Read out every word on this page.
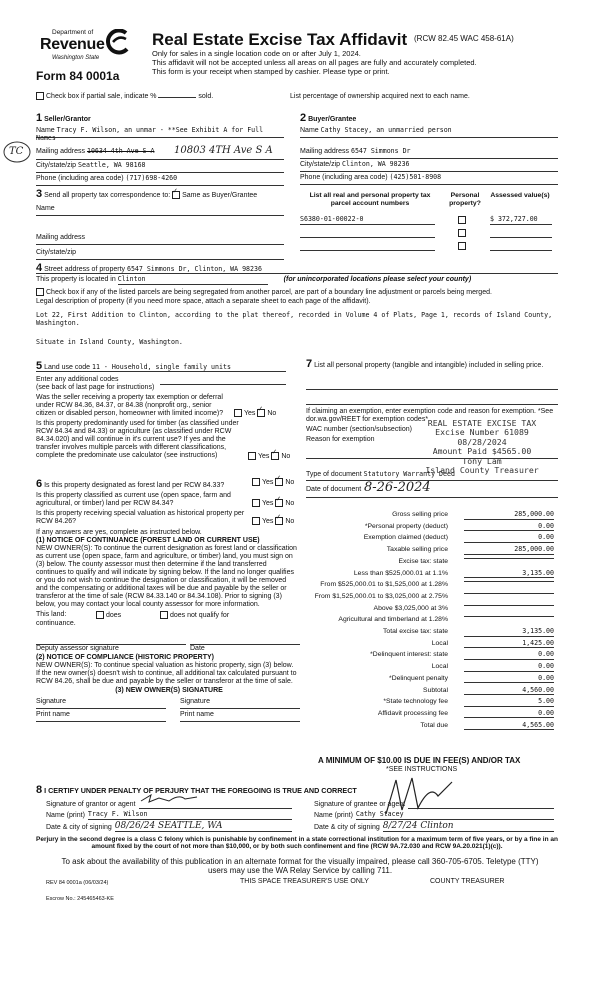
Department of
Revenue
Washington State
Form 84 0001a
Real Estate Excise Tax Affidavit (RCW 82.45 WAC 458-61A)
Only for sales in a single location code on or after July 1, 2024.
This affidavit will not be accepted unless all areas on all pages are fully and accurately completed.
This form is your receipt when stamped by cashier. Please type or print.
Check box if partial sale, indicate %	sold.	List percentage of ownership acquired next to each name.
1 Seller/Grantor
Name Tracy F. Wilson, an unmar - **See Exhibit A for Full Names
Mailing address 10634 4th Ave S A 10803 4TH Ave S A
City/state/zip Seattle, WA 98168
Phone (including area code) (717)698-4260
TC
2 Buyer/Grantee
Name Cathy Stacey, an unmarried person
Mailing address 6547 Simmons Dr
City/state/zip Clinton, WA 98236
Phone (including area code) (425)501-8908
3 Send all property tax correspondence to: ✓ Same as Buyer/Grantee
Name
Mailing address
City/state/zip
List all real and personal property tax parcel account numbers
Personal property?
Assessed value(s)
S6380-01-00022-0	$ 372,727.00
4 Street address of property 6547 Simmons Dr, Clinton, WA 98236
This property is located in Clinton	(for unincorporated locations please select your county)
Check box if any of the listed parcels are being segregated from another parcel, are part of a boundary line adjustment or parcels being merged.
Legal description of property (if you need more space, attach a separate sheet to each page of the affidavit).
Lot 22, First Addition to Clinton, according to the plat thereof, recorded in Volume 4 of Plats, Page 1, records of Island County, Washington.
Situate in Island County, Washington.
5 Land use code 11 - Household, single family units
Enter any additional codes
(see back of last page for instructions)
Was the seller receiving a property tax exemption or deferral under RCW 84.36, 84.37, or 84.38 (nonprofit org., senior citizen or disabled person, homeowner with limited income)?	Yes ✓ No
Is this property predominantly used for timber (as classified under RCW 84.34 and 84.33) or agriculture (as classified under RCW 84.34.020) and will continue in it's current use? If yes and the transfer involves multiple parcels with different classifications, complete the predominate use calculator (see instructions)	Yes ✓ No
6 Is this property designated as forest land per RCW 84.33?	Yes ✓ No
Is this property classified as current use (open space, farm and agricultural, or timber) land per RCW 84.34?	Yes ✓ No
Is this property receiving special valuation as historical property per RCW 84.26?	Yes ✓ No
If any answers are yes, complete as instructed below.
(1) NOTICE OF CONTINUANCE (FOREST LAND OR CURRENT USE)
NEW OWNER(S): To continue the current designation as forest land or classification as current use (open space, farm and agriculture, or timber) land, you must sign on (3) below. The county assessor must then determine if the land transferred continues to qualify and will indicate by signing below. If the land no longer qualifies or you do not wish to continue the designation or classification, it will be removed and the compensating or additional taxes will be due and payable by the seller or transferor at the time of sale (RCW 84.33.140 or 84.34.108). Prior to signing (3) below, you may contact your local county assessor for more information.
This land:	does	does not qualify for
continuance.
Deputy assessor signature	Date
(2) NOTICE OF COMPLIANCE (HISTORIC PROPERTY)
NEW OWNER(S): To continue special valuation as historic property, sign (3) below. If the new owner(s) doesn't wish to continue, all additional tax calculated pursuant to RCW 84.26, shall be due and payable by the seller or transferor at the time of sale.
(3) NEW OWNER(S) SIGNATURE
Signature	Signature
Print name	Print name
7 List all personal property (tangible and intangible) included in selling price.
If claiming an exemption, enter exemption code and reason for exemption. *See dor.wa.gov/REET for exemption codes*
WAC number (section/subsection)
Reason for exemption
Type of document Statutory Warranty Deed
Date of document 8-26-2024
REAL ESTATE EXCISE TAX
Excise Number 61089
08/28/2024
Amount Paid $4565.00
Tony Lam
Island County Treasurer
Gross selling price	285,000.00
*Personal property (deduct)	0.00
Exemption claimed (deduct)	0.00
Taxable selling price	285,000.00
Excise tax: state
Less than $525,000.01 at 1.1%	3,135.00
From $525,000.01 to $1,525,000 at 1.28%
From $1,525,000.01 to $3,025,000 at 2.75%
Above $3,025,000 at 3%
Agricultural and timberland at 1.28%
Total excise tax: state	3,135.00
Local	1,425.00
*Delinquent interest: state	0.00
Local	0.00
*Delinquent penalty	0.00
Subtotal	4,560.00
*State technology fee	5.00
Affidavit processing fee	0.00
Total due	4,565.00
A MINIMUM OF $10.00 IS DUE IN FEE(S) AND/OR TAX
*SEE INSTRUCTIONS
8 I CERTIFY UNDER PENALTY OF PERJURY THAT THE FOREGOING IS TRUE AND CORRECT
Signature of grantor or agent
Name (print) Tracy F. Wilson
Date & city of signing 08/26/24 SEATTLE, WA
Signature of grantee or agent
Name (print) Cathy Stacey
Date & city of signing 8/27/24 Clinton
Perjury in the second degree is a class C felony which is punishable by confinement in a state correctional institution for a maximum term of five years, or by a fine in an amount fixed by the court of not more than $10,000, or by both such confinement and fine (RCW 9A.72.030 and RCW 9A.20.021(1)(c)).
To ask about the availability of this publication in an alternate format for the visually impaired, please call 360-705-6705. Teletype (TTY) users may use the WA Relay Service by calling 711.
REV 84 0001a (06/03/24)	THIS SPACE TREASURER'S USE ONLY	COUNTY TREASURER
Escrow No.: 245465463-KE
